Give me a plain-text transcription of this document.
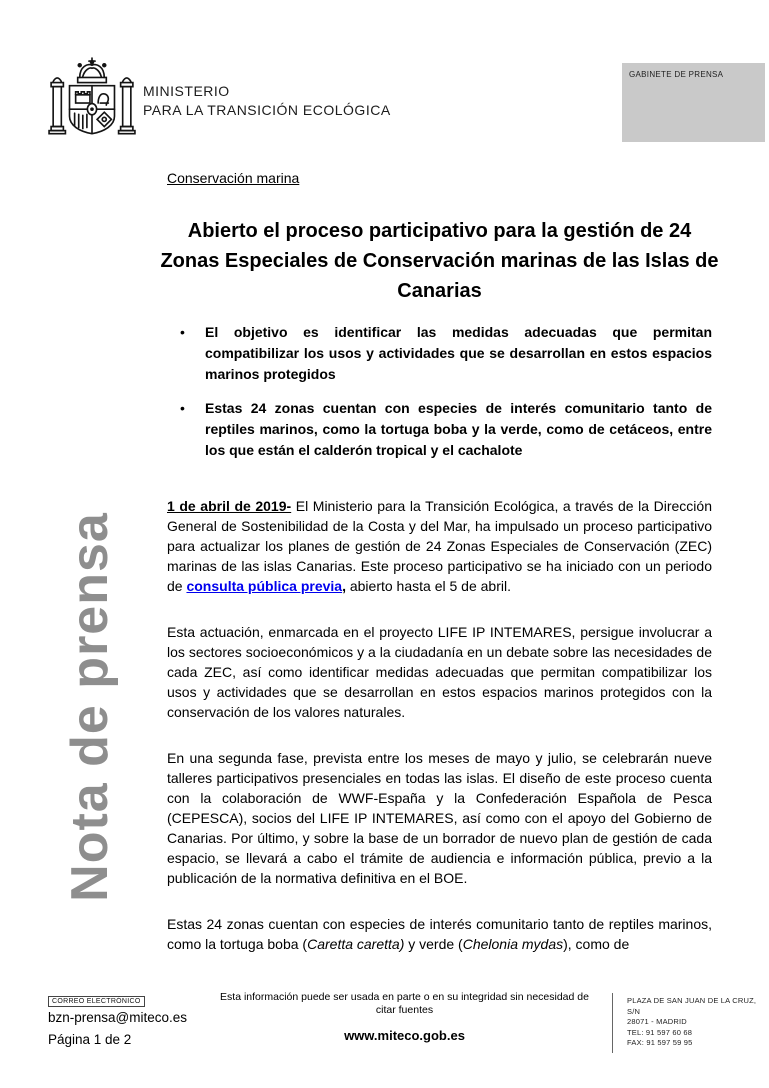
MINISTERIO
PARA LA TRANSICIÓN ECOLÓGICA
GABINETE DE PRENSA
Nota de prensa
Conservación marina
Abierto el proceso participativo para la gestión de 24 Zonas Especiales de Conservación marinas de las Islas de Canarias
•	El objetivo es identificar las medidas adecuadas que permitan compatibilizar los usos y actividades que se desarrollan en estos espacios marinos protegidos
•	Estas 24 zonas cuentan con especies de interés comunitario tanto de reptiles marinos, como la tortuga boba y la verde, como de cetáceos, entre los que están el calderón tropical y el cachalote

1 de abril de 2019- El Ministerio para la Transición Ecológica, a través de la Dirección General de Sostenibilidad de la Costa y del Mar, ha impulsado un proceso participativo para actualizar los planes de gestión de 24 Zonas Especiales de Conservación (ZEC) marinas de las islas Canarias. Este proceso participativo se ha iniciado con un periodo de consulta pública previa, abierto hasta el 5 de abril.

Esta actuación, enmarcada en el proyecto LIFE IP INTEMARES, persigue involucrar a los sectores socioeconómicos y a la ciudadanía en un debate sobre las necesidades de cada ZEC, así como identificar medidas adecuadas que permitan compatibilizar los usos y actividades que se desarrollan en estos espacios marinos protegidos con la conservación de los valores naturales.

En una segunda fase, prevista entre los meses de mayo y julio, se celebrarán nueve talleres participativos presenciales en todas las islas. El diseño de este proceso cuenta con la colaboración de WWF-España y la Confederación Española de Pesca (CEPESCA), socios del LIFE IP INTEMARES, así como con el apoyo del Gobierno de Canarias. Por último, y sobre la base de un borrador de nuevo plan de gestión de cada espacio, se llevará a cabo el trámite de audiencia e información pública, previo a la publicación de la normativa definitiva en el BOE.

Estas 24 zonas cuentan con especies de interés comunitario tanto de reptiles marinos, como la tortuga boba (Caretta caretta) y verde (Chelonia mydas), como de

CORREO ELECTRÓNICO
bzn-prensa@miteco.es
Página 1 de 2
Esta información puede ser usada en parte o en su integridad sin necesidad de citar fuentes
www.miteco.gob.es
PLAZA DE SAN JUAN DE LA CRUZ, S/N
28071 - MADRID
TEL: 91 597 60 68
FAX: 91 597 59 95
